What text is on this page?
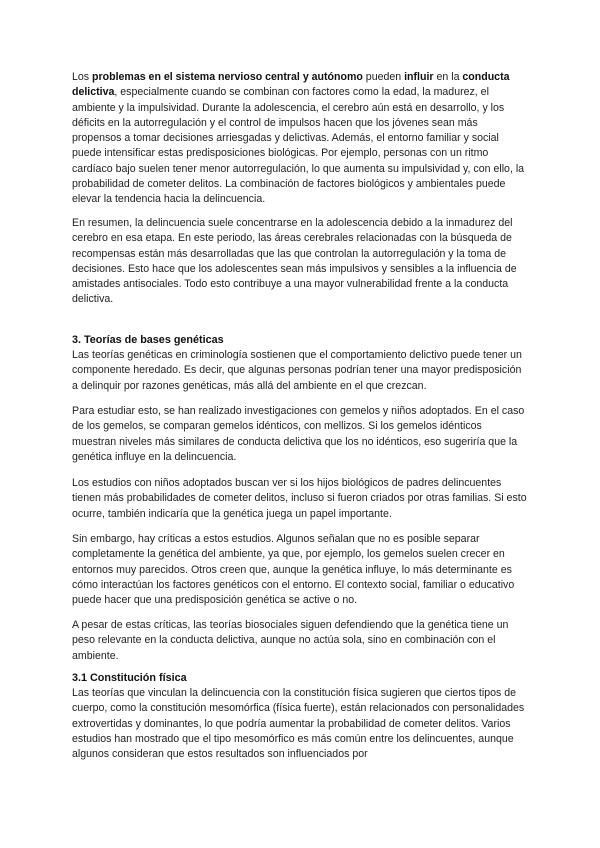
Los problemas en el sistema nervioso central y autónomo pueden influir en la conducta delictiva, especialmente cuando se combinan con factores como la edad, la madurez, el ambiente y la impulsividad. Durante la adolescencia, el cerebro aún está en desarrollo, y los déficits en la autorregulación y el control de impulsos hacen que los jóvenes sean más propensos a tomar decisiones arriesgadas y delictivas. Además, el entorno familiar y social puede intensificar estas predisposiciones biológicas. Por ejemplo, personas con un ritmo cardíaco bajo suelen tener menor autorregulación, lo que aumenta su impulsividad y, con ello, la probabilidad de cometer delitos. La combinación de factores biológicos y ambientales puede elevar la tendencia hacia la delincuencia.

En resumen, la delincuencia suele concentrarse en la adolescencia debido a la inmadurez del cerebro en esa etapa. En este periodo, las áreas cerebrales relacionadas con la búsqueda de recompensas están más desarrolladas que las que controlan la autorregulación y la toma de decisiones. Esto hace que los adolescentes sean más impulsivos y sensibles a la influencia de amistades antisociales. Todo esto contribuye a una mayor vulnerabilidad frente a la conducta delictiva.

3. Teorías de bases genéticas

Las teorías genéticas en criminología sostienen que el comportamiento delictivo puede tener un componente heredado. Es decir, que algunas personas podrían tener una mayor predisposición a delinquir por razones genéticas, más allá del ambiente en el que crezcan.

Para estudiar esto, se han realizado investigaciones con gemelos y niños adoptados. En el caso de los gemelos, se comparan gemelos idénticos, con mellizos. Si los gemelos idénticos muestran niveles más similares de conducta delictiva que los no idénticos, eso sugeriría que la genética influye en la delincuencia.

Los estudios con niños adoptados buscan ver si los hijos biológicos de padres delincuentes tienen más probabilidades de cometer delitos, incluso si fueron criados por otras familias. Si esto ocurre, también indicaría que la genética juega un papel importante.

Sin embargo, hay críticas a estos estudios. Algunos señalan que no es posible separar completamente la genética del ambiente, ya que, por ejemplo, los gemelos suelen crecer en entornos muy parecidos. Otros creen que, aunque la genética influye, lo más determinante es cómo interactúan los factores genéticos con el entorno. El contexto social, familiar o educativo puede hacer que una predisposición genética se active o no.

A pesar de estas críticas, las teorías biosociales siguen defendiendo que la genética tiene un peso relevante en la conducta delictiva, aunque no actúa sola, sino en combinación con el ambiente.

3.1 Constitución física

Las teorías que vinculan la delincuencia con la constitución física sugieren que ciertos tipos de cuerpo, como la constitución mesomórfica (física fuerte), están relacionados con personalidades extrovertidas y dominantes, lo que podría aumentar la probabilidad de cometer delitos. Varios estudios han mostrado que el tipo mesomórfico es más común entre los delincuentes, aunque algunos consideran que estos resultados son influenciados por
